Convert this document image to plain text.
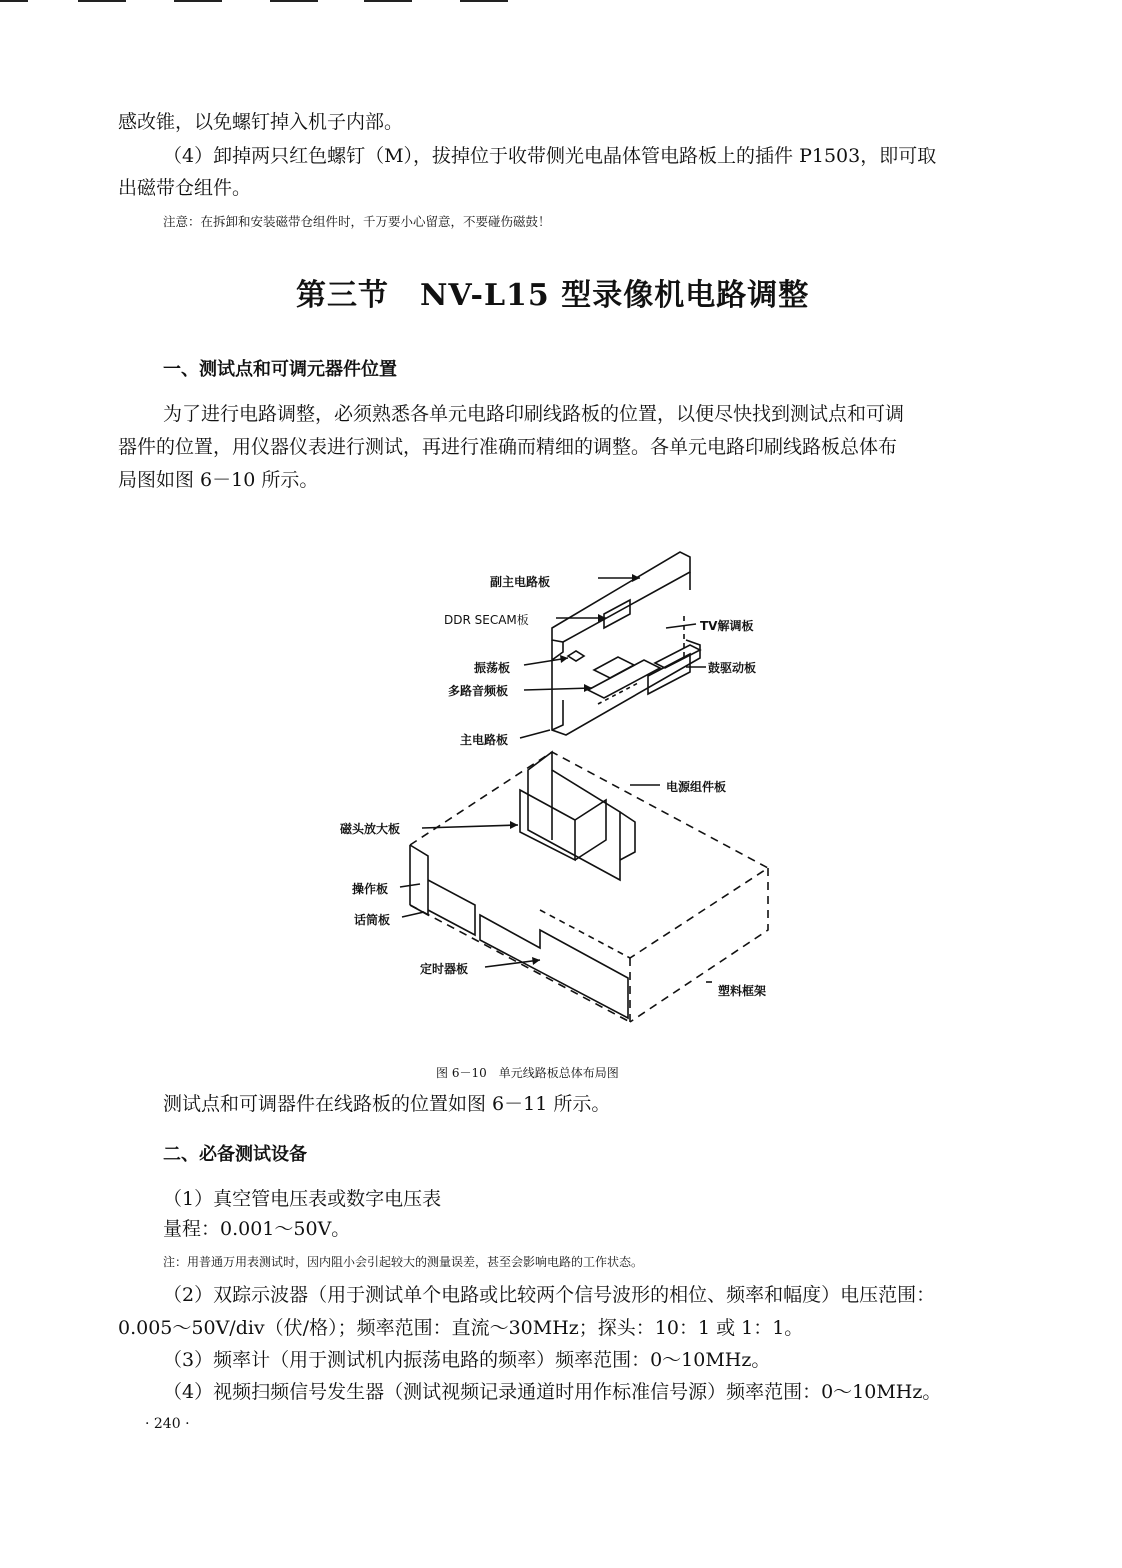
感改锥，以免螺钉掉入机子内部。
（4）卸掉两只红色螺钉（M），拔掉位于收带侧光电晶体管电路板上的插件 P1503，即可取
出磁带仓组件。
注意：在拆卸和安装磁带仓组件时，千万要小心留意，不要碰伤磁鼓！
第三节　NV-L15 型录像机电路调整
一、测试点和可调元器件位置
为了进行电路调整，必须熟悉各单元电路印刷线路板的位置，以便尽快找到测试点和可调
器件的位置，用仪器仪表进行测试，再进行准确而精细的调整。各单元电路印刷线路板总体布
局图如图 6－10 所示。
副主电路板
DDR SECAM板	TV解调板
振荡板	鼓驱动板
多路音频板
主电路板
电源组件板
磁头放大板
操作板
话筒板
定时器板
塑料框架
图 6－10　单元线路板总体布局图
测试点和可调器件在线路板的位置如图 6－11 所示。
二、必备测试设备
（1）真空管电压表或数字电压表
量程：0.001～50V。
注：用普通万用表测试时，因内阻小会引起较大的测量误差，甚至会影响电路的工作状态。
（2）双踪示波器（用于测试单个电路或比较两个信号波形的相位、频率和幅度）电压范围：
0.005～50V/div（伏/格）；频率范围：直流～30MHz；探头：10：1 或 1：1。
（3）频率计（用于测试机内振荡电路的频率）频率范围：0～10MHz。
（4）视频扫频信号发生器（测试视频记录通道时用作标准信号源）频率范围：0～10MHz。
· 240 ·
